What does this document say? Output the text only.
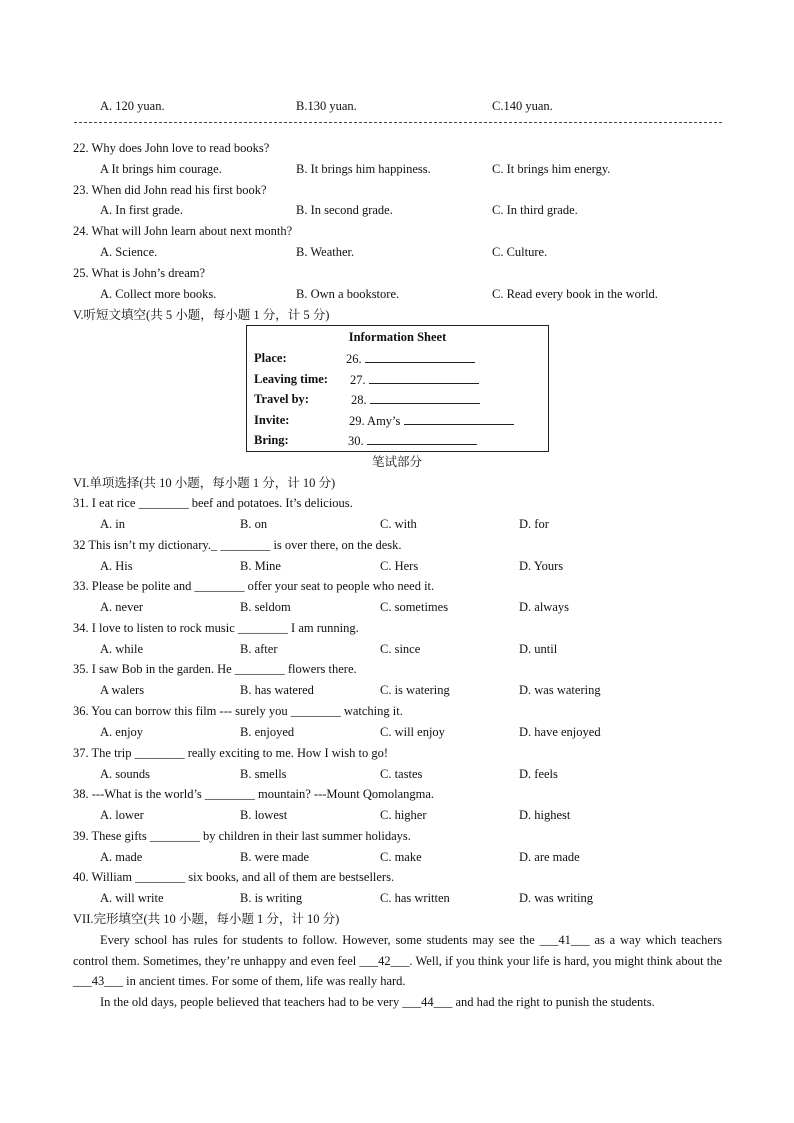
A. 120 yuan.	B.130 yuan.	C.140 yuan.
22. Why does John love to read books?
A It brings him courage.	B. It brings him happiness.	C. It brings him energy.
23. When did John read his first book?
A. In first grade.	B. In second grade.	C. In third grade.
24. What will John learn about next month?
A. Science.	B. Weather.	C. Culture.
25. What is John’s dream?
A. Collect more books.	B. Own a bookstore.	C. Read every book in the world.
V.听短文填空(共 5 小题，每小题 1 分，计 5 分)
Information Sheet
Place:	26.
Leaving time: 27.
Travel by:	28.
Invite:	29. Amy’s
Bring:	30.
笔试部分
VI.单项选择(共 10 小题，每小题 1 分，计 10 分)
31. I eat rice ________ beef and potatoes. It’s delicious.
A. in	B. on	C. with	D. for
32 This isn’t my dictionary._ ________ is over there, on the desk.
A. His	B. Mine	C. Hers	D. Yours
33. Please be polite and ________ offer your seat to people who need it.
A. never	B. seldom	C. sometimes	D. always
34. I love to listen to rock music ________ I am running.
A. while	B. after	C. since	D. until
35. I saw Bob in the garden. He ________ flowers there.
A walers	B. has watered	C. is watering	D. was watering
36. You can borrow this film --- surely you ________ watching it.
A. enjoy	B. enjoyed	C. will enjoy	D. have enjoyed
37. The trip ________ really exciting to me. How I wish to go!
A. sounds	B. smells	C. tastes	D. feels
38. ---What is the world’s ________ mountain? ---Mount Qomolangma.
A. lower	B. lowest	C. higher	D. highest
39. These gifts ________ by children in their last summer holidays.
A. made	B. were made	C. make	D. are made
40. William ________ six books, and all of them are bestsellers.
A. will write	B. is writing	C. has written	D. was writing
VII.完形填空(共 10 小题，每小题 1 分，计 10 分)

Every school has rules for students to follow. However, some students may see the ___41___ as a way which teachers control them. Sometimes, they’re unhappy and even feel ___42___. Well, if you think your life is hard, you might think about the ___43___ in ancient times. For some of them, life was really hard.

In the old days, people believed that teachers had to be very ___44___ and had the right to punish the students.
